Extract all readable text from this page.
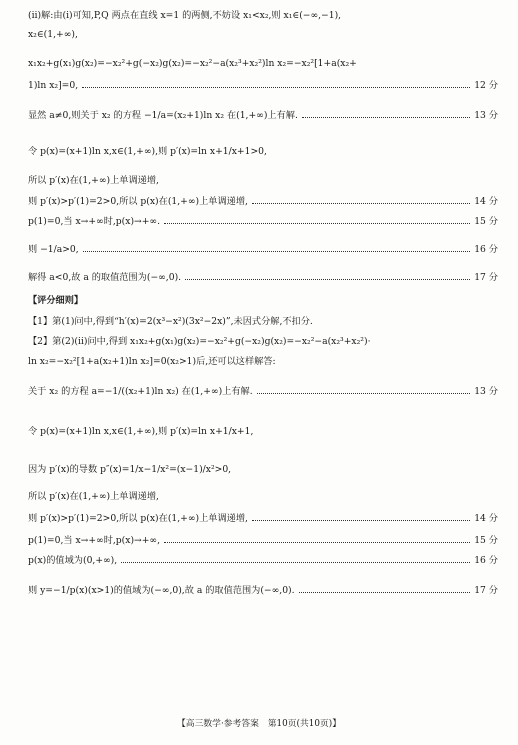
(ⅱ)解:由(ⅰ)可知,P,Q 两点在直线 x=1 的两侧,不妨设 x₁<x₂,则 x₁∈(−∞,−1),
x₂∈(1,+∞),
x₁x₂+g(x₁)g(x₂)=−x₂²+g(−x₂)g(x₂)=−x₂²−a(x₂³+x₂²)ln x₂=−x₂²[1+a(x₂+
1)ln x₂]=0,	12 分
显然 a≠0,则关于 x₂ 的方程 −1/a=(x₂+1)ln x₂ 在(1,+∞)上有解.	13 分
令 p(x)=(x+1)ln x,x∈(1,+∞),则 p′(x)=ln x+1/x+1>0,
所以 p′(x)在(1,+∞)上单调递增,
则 p′(x)>p′(1)=2>0,所以 p(x)在(1,+∞)上单调递增,	14 分
p(1)=0,当 x→+∞时,p(x)→+∞.	15 分
则 −1/a>0,	16 分
解得 a<0,故 a 的取值范围为(−∞,0).	17 分
【评分细则】
【1】第(1)问中,得到“h′(x)=2(x³−x²)(3x²−2x)”,未因式分解,不扣分.
【2】第(2)(ⅱ)问中,得到 x₁x₂+g(x₁)g(x₂)=−x₂²+g(−x₂)g(x₂)=−x₂²−a(x₂³+x₂²)·
ln x₂=−x₂²[1+a(x₂+1)ln x₂]=0(x₂>1)后,还可以这样解答:
关于 x₂ 的方程 a=−1/((x₂+1)ln x₂) 在(1,+∞)上有解.	13 分
令 p(x)=(x+1)ln x,x∈(1,+∞),则 p′(x)=ln x+1/x+1,
因为 p′(x)的导数 p″(x)=1/x−1/x²=(x−1)/x²>0,
所以 p′(x)在(1,+∞)上单调递增,
则 p′(x)>p′(1)=2>0,所以 p(x)在(1,+∞)上单调递增,	14 分
p(1)=0,当 x→+∞时,p(x)→+∞,	15 分
p(x)的值域为(0,+∞),	16 分
则 y=−1/p(x)(x>1)的值域为(−∞,0),故 a 的取值范围为(−∞,0).	17 分
【高三数学·参考答案　第10页(共10页)】
